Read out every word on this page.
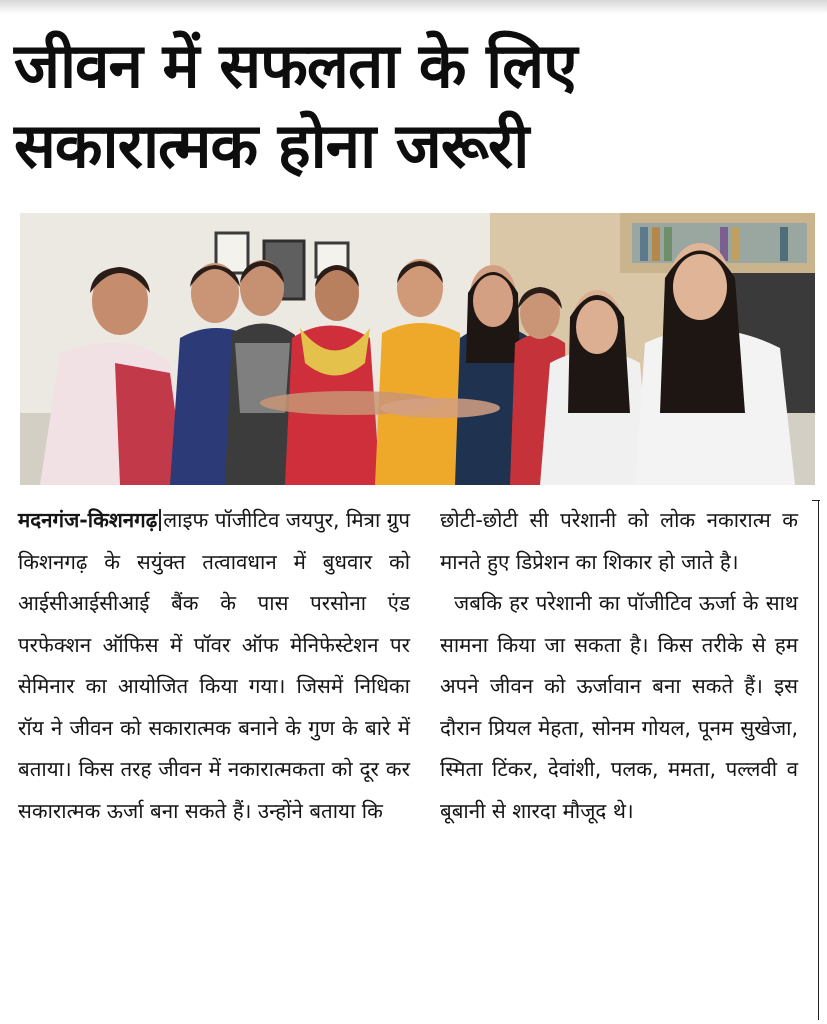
जीवन में सफलता के लिए
सकारात्मक होना जरूरी

मदनगंज-किशनगढ़ लाइफ पॉजीटिव जयपुर, मित्रा ग्रुप किशनगढ़ के सयुंक्त तत्वावधान में बुधवार को आईसीआईसीआई बैंक के पास परसोना एंड परफेक्शन ऑफिस में पॉवर ऑफ मेनिफेस्टेशन पर सेमिनार का आयोजित किया गया। जिसमें निधिका रॉय ने जीवन को सकारात्मक बनाने के गुण के बारे में बताया। किस तरह जीवन में नकारात्मकता को दूर कर सकारात्मक ऊर्जा बना सकते हैं। उन्होंने बताया कि

छोटी-छोटी सी परेशानी को लोक नकारात्म क मानते हुए डिप्रेशन का शिकार हो जाते है।

जबकि हर परेशानी का पॉजीटिव ऊर्जा के साथ सामना किया जा सकता है। किस तरीके से हम अपने जीवन को ऊर्जावान बना सकते हैं। इस दौरान प्रियल मेहता, सोनम गोयल, पूनम सुखेजा, स्मिता टिंकर, देवांशी, पलक, ममता, पल्लवी व बूबानी से शारदा मौजूद थे।
